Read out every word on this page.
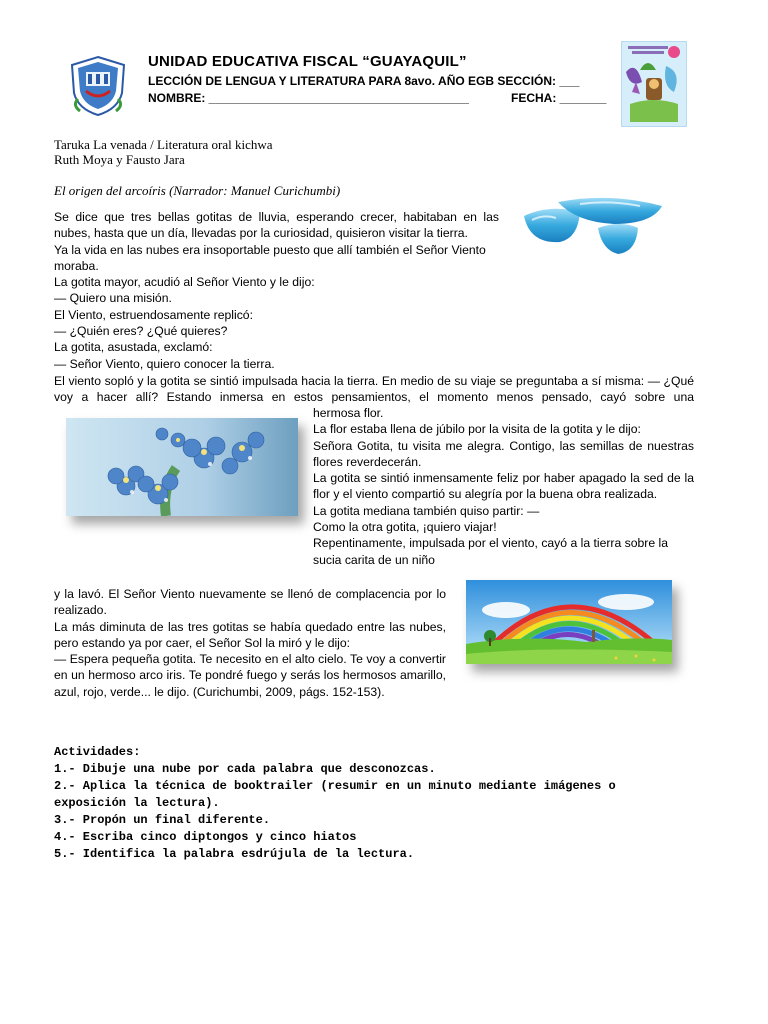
UNIDAD EDUCATIVA FISCAL “GUAYAQUIL”
LECCIÓN DE LENGUA Y LITERATURA PARA 8avo. AÑO EGB SECCIÓN: ___
NOMBRE: _______________________________________	FECHA: _______
Taruka La venada / Literatura oral kichwa
Ruth Moya y Fausto Jara
El origen del arcoíris (Narrador: Manuel Curichumbi)

Se dice que tres bellas gotitas de lluvia, esperando crecer, habitaban en las nubes, hasta que un día, llevadas por la curiosidad, quisieron visitar la tierra.

Ya la vida en las nubes era insoportable puesto que allí también el Señor Viento moraba.

La gotita mayor, acudió al Señor Viento y le dijo:

— Quiero una misión.

El Viento, estruendosamente replicó:

— ¿Quién eres? ¿Qué quieres?

La gotita, asustada, exclamó:

— Señor Viento, quiero conocer la tierra.

El viento sopló y la gotita se sintió impulsada hacia la tierra. En medio de su viaje se preguntaba a sí misma: — ¿Qué voy a hacer allí? Estando inmersa en estos pensamientos, el momento menos pensado, cayó sobre una

hermosa flor.

La flor estaba llena de júbilo por la visita de la gotita y le dijo:

Señora Gotita, tu visita me alegra. Contigo, las semillas de nuestras flores reverdecerán.

La gotita se sintió inmensamente feliz por haber apagado la sed de la flor y el viento compartió su alegría por la buena obra realizada.

La gotita mediana también quiso partir: —

Como la otra gotita, ¡quiero viajar!

Repentinamente, impulsada por el viento, cayó a la tierra sobre la

sucia carita de un niño

y la lavó. El Señor Viento nuevamente se llenó de complacencia por lo realizado.

La más diminuta de las tres gotitas se había quedado entre las nubes, pero estando ya por caer, el Señor Sol la miró y le dijo:

— Espera pequeña gotita. Te necesito en el alto cielo. Te voy a convertir en un hermoso arco iris. Te pondré fuego y serás los hermosos amarillo, azul, rojo, verde... le dijo. (Curichumbi, 2009, págs. 152-153).

Actividades:

1.- Dibuje una nube por cada palabra que desconozcas.

2.- Aplica la técnica de booktrailer (resumir en un minuto mediante imágenes o exposición la lectura).

3.- Propón un final diferente.

4.- Escriba cinco diptongos y cinco hiatos

5.- Identifica la palabra esdrújula de la lectura.
